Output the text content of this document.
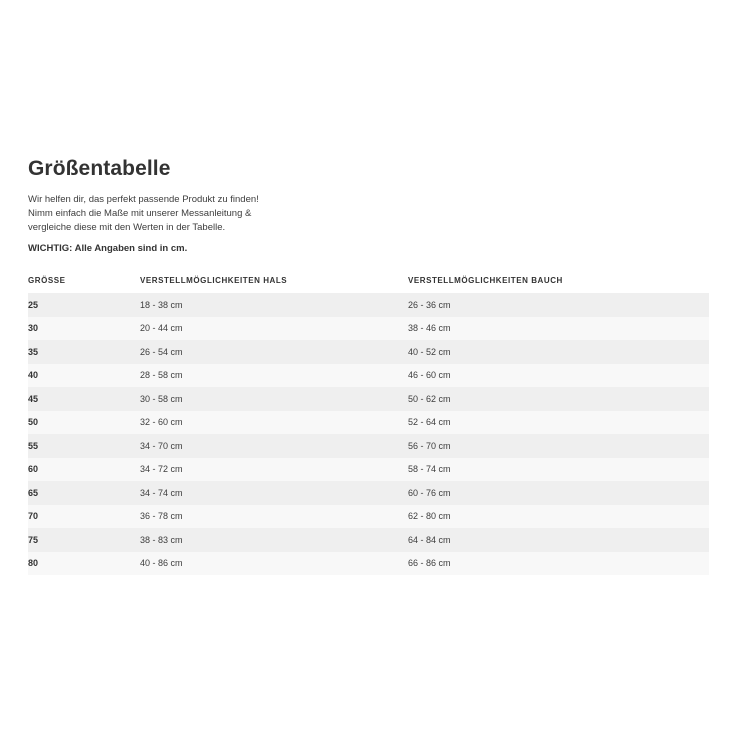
Größentabelle
Wir helfen dir, das perfekt passende Produkt zu finden!
Nimm einfach die Maße mit unserer Messanleitung &
vergleiche diese mit den Werten in der Tabelle.
WICHTIG: Alle Angaben sind in cm.
GRÖSSE	VERSTELLMÖGLICHKEITEN HALS	VERSTELLMÖGLICHKEITEN BAUCH
25	18 - 38 cm	26 - 36 cm
30	20 - 44 cm	38 - 46 cm
35	26 - 54 cm	40 - 52 cm
40	28 - 58 cm	46 - 60 cm
45	30 - 58 cm	50 - 62 cm
50	32 - 60 cm	52 - 64 cm
55	34 - 70 cm	56 - 70 cm
60	34 - 72 cm	58 - 74 cm
65	34 - 74 cm	60 - 76 cm
70	36 - 78 cm	62 - 80 cm
75	38 - 83 cm	64 - 84 cm
80	40 - 86 cm	66 - 86 cm
